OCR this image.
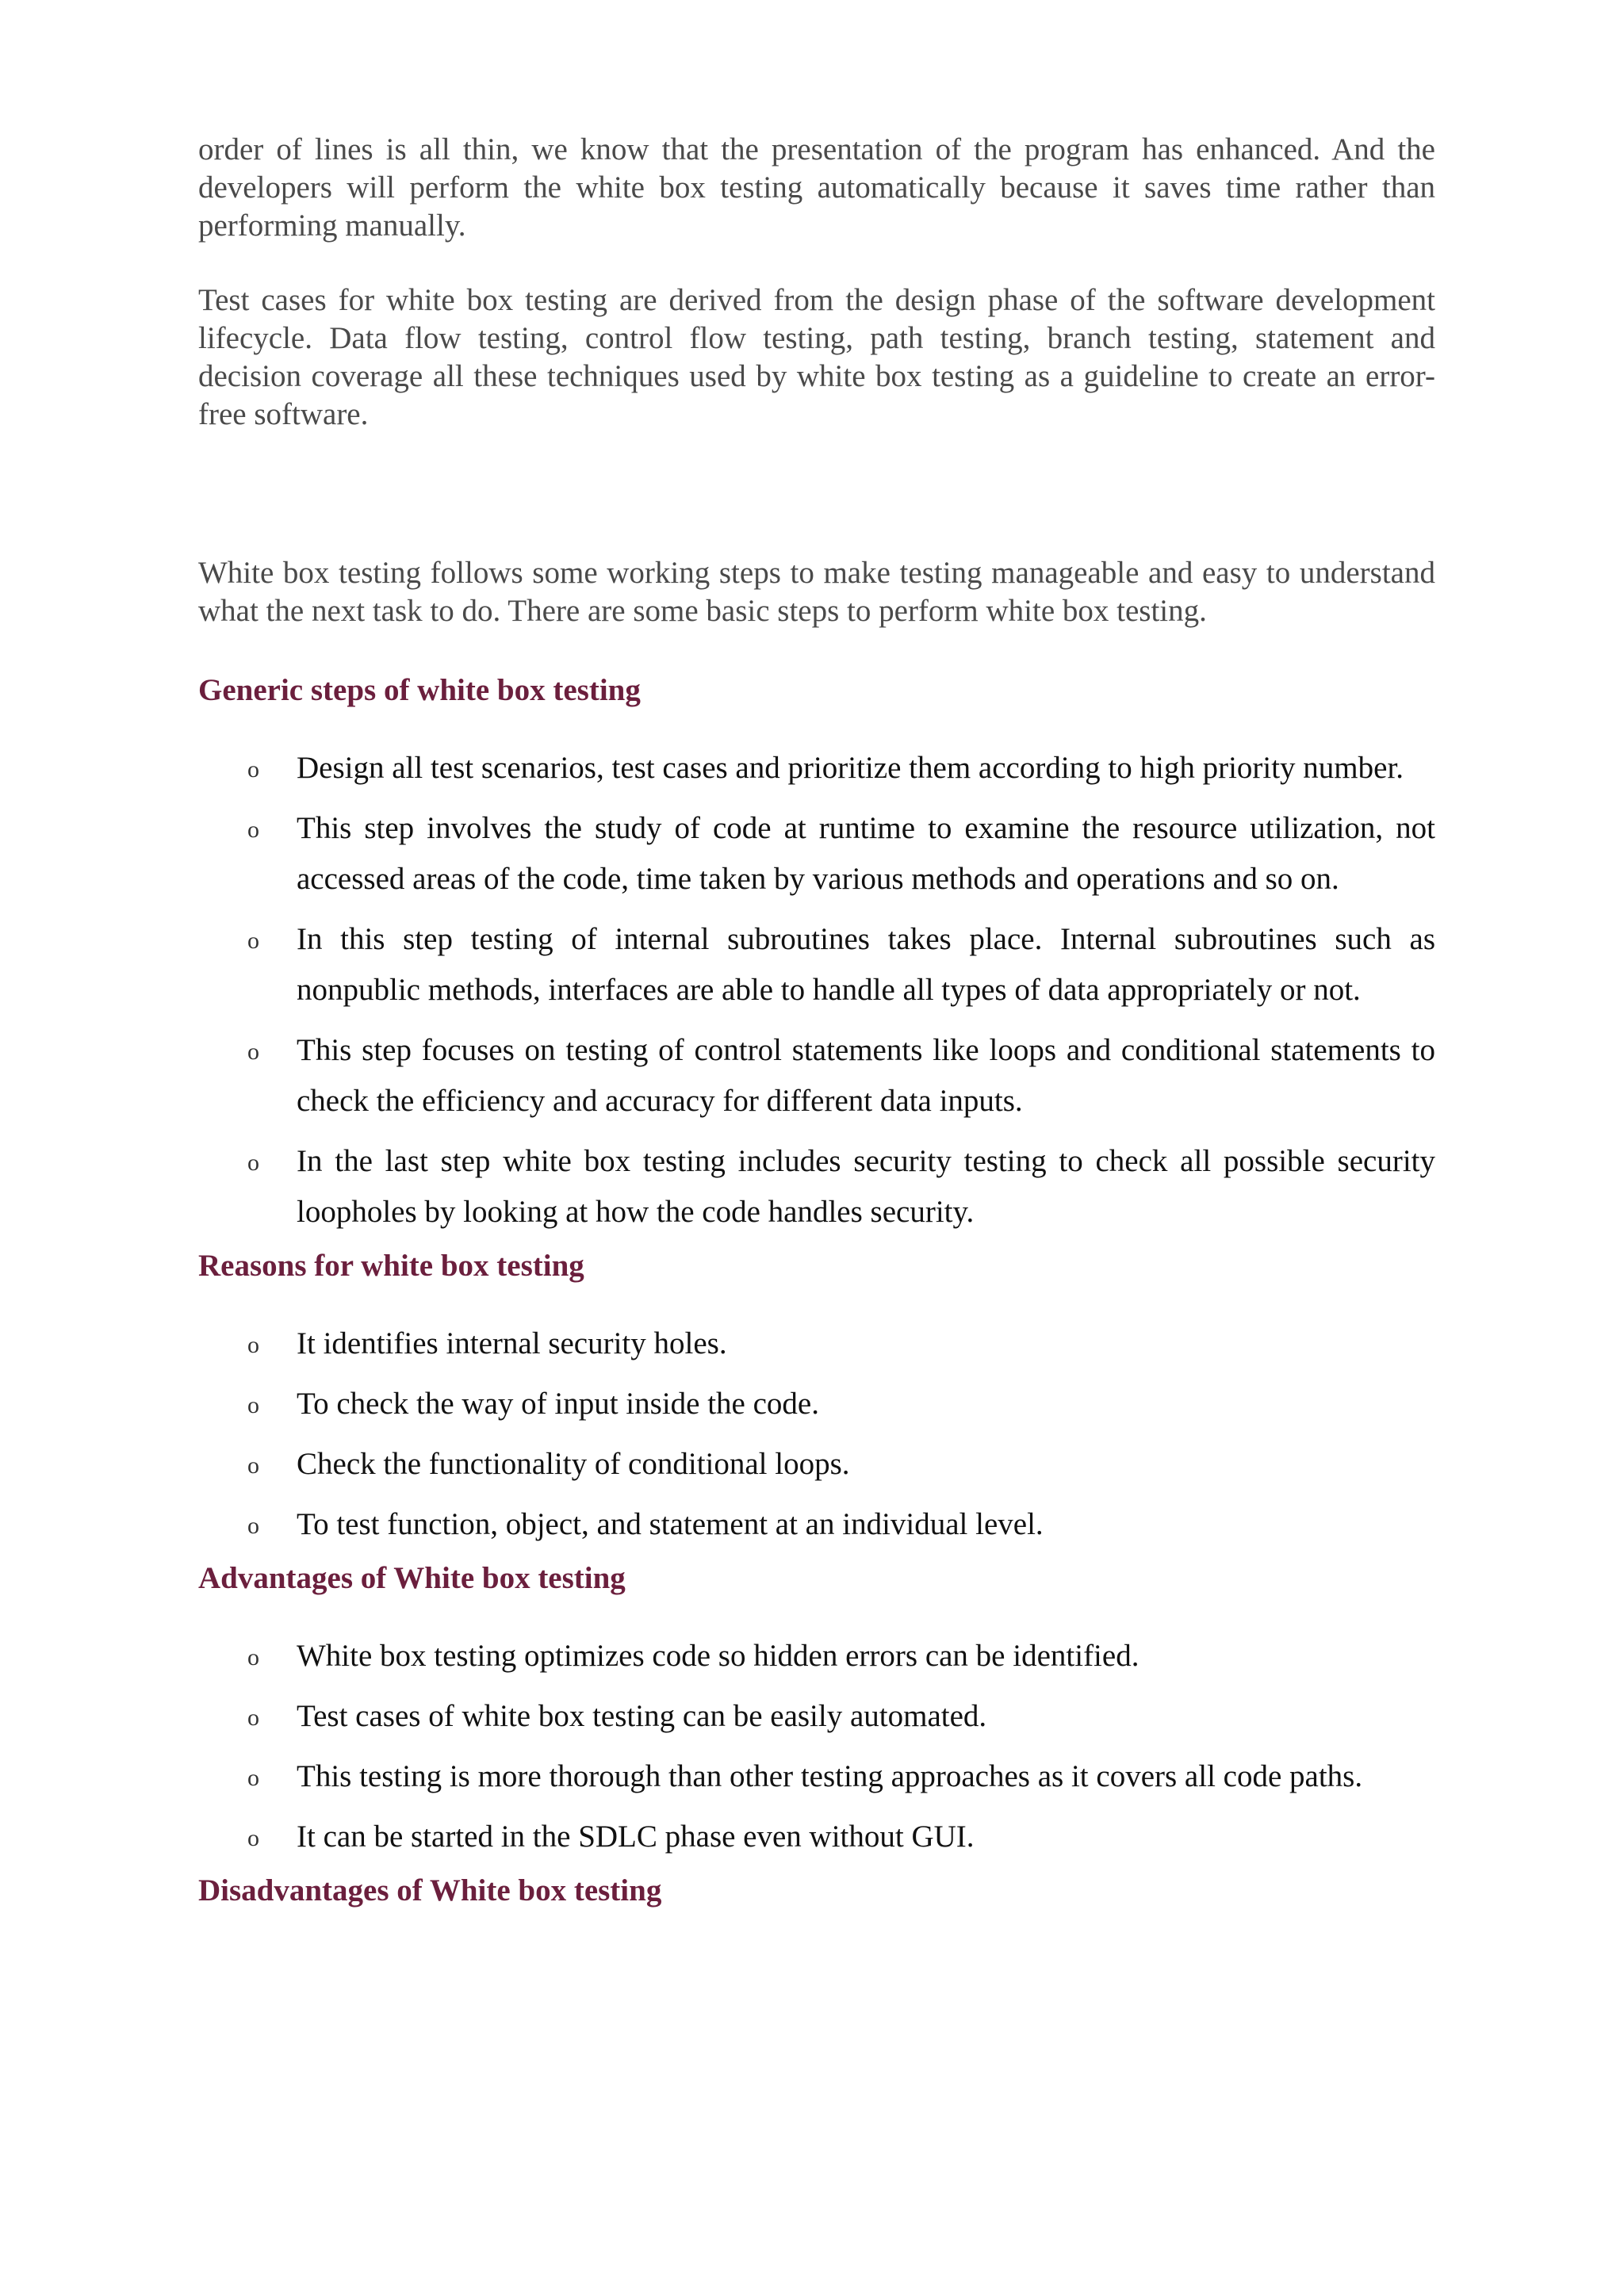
order of lines is all thin, we know that the presentation of the program has enhanced. And the developers will perform the white box testing automatically because it saves time rather than performing manually.

Test cases for white box testing are derived from the design phase of the software development lifecycle. Data flow testing, control flow testing, path testing, branch testing, statement and decision coverage all these techniques used by white box testing as a guideline to create an error-free software.

White box testing follows some working steps to make testing manageable and easy to understand what the next task to do. There are some basic steps to perform white box testing.

Generic steps of white box testing
o Design all test scenarios, test cases and prioritize them according to high priority number.
o This step involves the study of code at runtime to examine the resource utilization, not accessed areas of the code, time taken by various methods and operations and so on.
o In this step testing of internal subroutines takes place. Internal subroutines such as nonpublic methods, interfaces are able to handle all types of data appropriately or not.
o This step focuses on testing of control statements like loops and conditional statements to check the efficiency and accuracy for different data inputs.
o In the last step white box testing includes security testing to check all possible security loopholes by looking at how the code handles security.
Reasons for white box testing
o It identifies internal security holes.
o To check the way of input inside the code.
o Check the functionality of conditional loops.
o To test function, object, and statement at an individual level.
Advantages of White box testing
o White box testing optimizes code so hidden errors can be identified.
o Test cases of white box testing can be easily automated.
o This testing is more thorough than other testing approaches as it covers all code paths.
o It can be started in the SDLC phase even without GUI.
Disadvantages of White box testing
